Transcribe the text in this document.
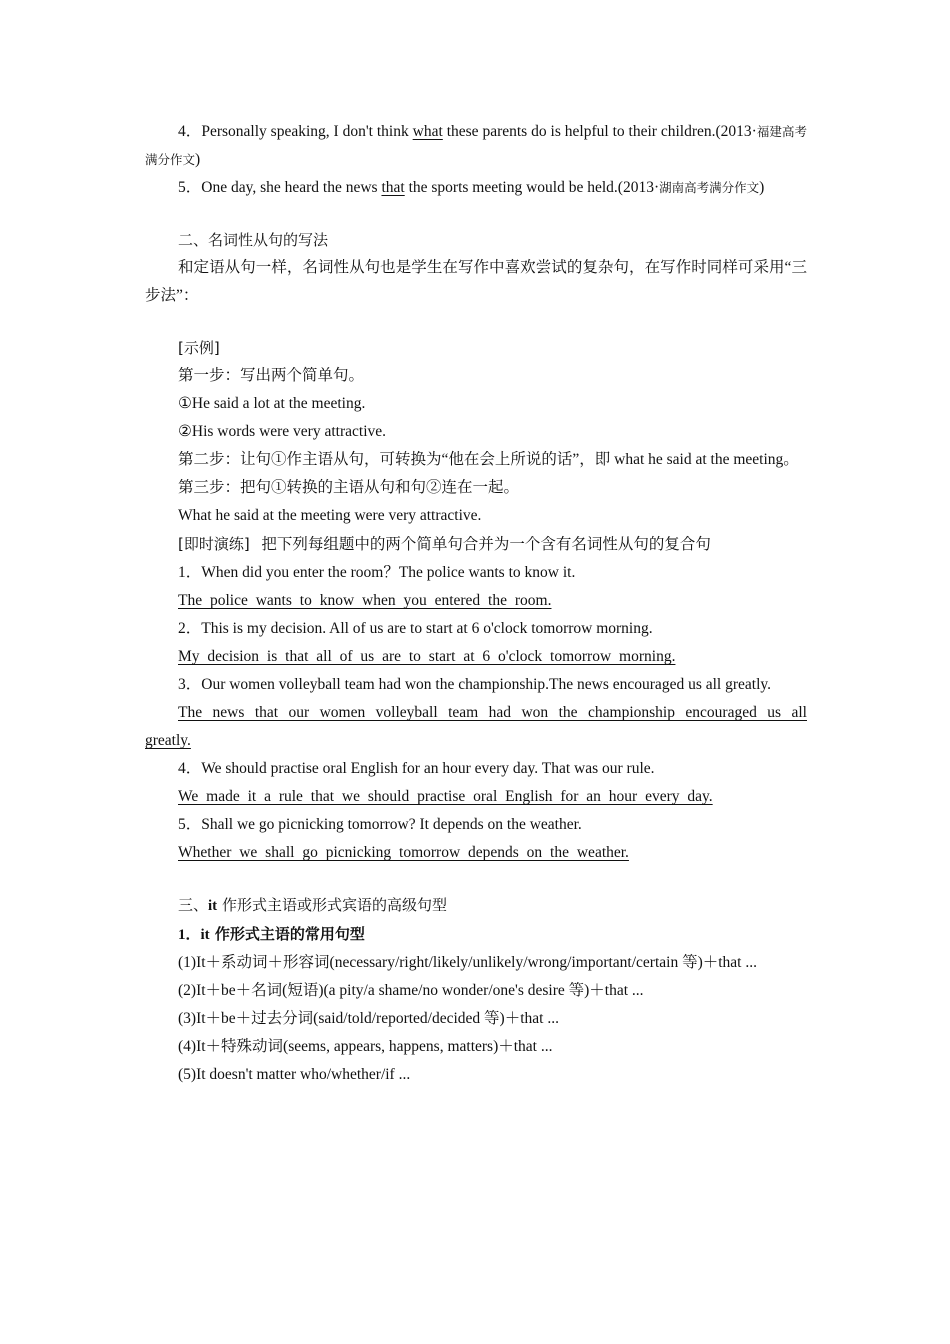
4．Personally speaking, I don't think what these parents do is helpful to their children.(2013·福建高考满分作文)

5．One day, she heard the news that the sports meeting would be held.(2013·湖南高考满分作文)

二、名词性从句的写法

和定语从句一样，名词性从句也是学生在写作中喜欢尝试的复杂句，在写作时同样可采用“三步法”：

[示例]

第一步：写出两个简单句。

①He said a lot at the meeting.

②His words were very attractive.

第二步：让句①作主语从句，可转换为“他在会上所说的话”，即 what he said at the meeting。

第三步：把句①转换的主语从句和句②连在一起。

What he said at the meeting were very attractive.

[即时演练] 把下列每组题中的两个简单句合并为一个含有名词性从句的复合句

1．When did you enter the room？The police wants to know it.

The police wants to know when you entered the room.

2．This is my decision. All of us are to start at 6 o'clock tomorrow morning.

My decision is that all of us are to start at 6 o'clock tomorrow morning.

3．Our women volleyball team had won the championship.The news encouraged us all greatly.

The news that our women volleyball team had won the championship encouraged us all greatly.

4．We should practise oral English for an hour every day. That was our rule.

We made it a rule that we should practise oral English for an hour every day.

5．Shall we go picnicking tomorrow? It depends on the weather.

Whether we shall go picnicking tomorrow depends on the weather.

三、it 作形式主语或形式宾语的高级句型

1．it 作形式主语的常用句型

(1)It＋系动词＋形容词(necessary/right/likely/unlikely/wrong/important/certain 等)＋that ...

(2)It＋be＋名词(短语)(a pity/a shame/no wonder/one's desire 等)＋that ...

(3)It＋be＋过去分词(said/told/reported/decided 等)＋that ...

(4)It＋特殊动词(seems, appears, happens, matters)＋that ...

(5)It doesn't matter who/whether/if ...
